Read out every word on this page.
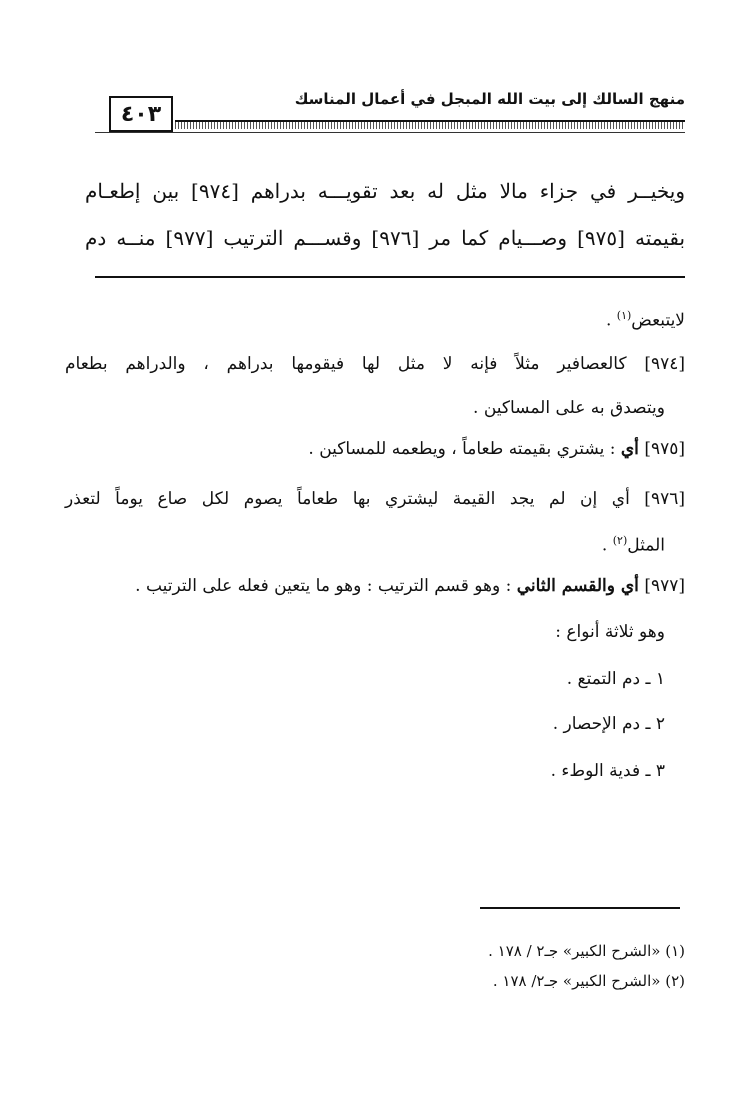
٤٠٣
منهج السالك إلى بيت الله المبجل في أعمال المناسك
ويخيــر في جزاء مالا مثل له بعد تقويـــه بدراهم [٩٧٤] بين إطعـام
بقيمته [٩٧٥] وصـــيام كما مر [٩٧٦] وقســـم الترتيب [٩٧٧] منــه دم
لايتبعض$^{(١)}$ .
[٩٧٤] كالعصافير مثلاً فإنه لا مثل لها فيقومها بدراهم ، والدراهم بطعام
ويتصدق به على المساكين .
[٩٧٥] أي : يشتري بقيمته طعاماً ، ويطعمه للمساكين .
[٩٧٦] أي إن لم يجد القيمة ليشتري بها طعاماً يصوم لكل صاع يوماً لتعذر
المثل$^{(٢)}$ .
[٩٧٧] أي والقسم الثاني : وهو قسم الترتيب : وهو ما يتعين فعله على الترتيب .
وهو ثلاثة أنواع :
١ ـ دم التمتع .
٢ ـ دم الإحصار .
٣ ـ فدية الوطء .
(١) «الشرح الكبير» جـ٢ / ١٧٨ .
(٢) «الشرح الكبير» جـ٢/ ١٧٨ .
